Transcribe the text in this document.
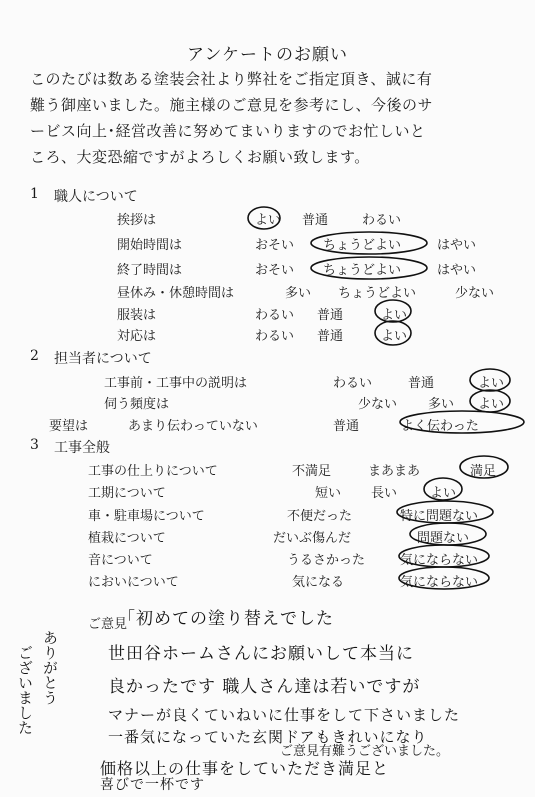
アンケートのお願い
このたびは数ある塗装会社より弊社をご指定頂き、誠に有
難う御座いました。施主様のご意見を参考にし、今後のサ
ービス向上･経営改善に努めてまいりますのでお忙しいと
ころ、大変恐縮ですがよろしくお願い致します。
1 職人について
挨拶は	よい 普通	わるい
開始時間は	おそい ちょうどよい	はやい
終了時間は	おそい ちょうどよい	はやい
昼休み・休憩時間は	多い ちょうどよい	少ない
服装は	わるい 普通	よい
対応は	わるい 普通	よい
2 担当者について
工事前・工事中の説明は	わるい	普通	よい
伺う頻度は	少ない 多い よい
要望は	あまり伝わっていない	普通	よく伝わった
3 工事全般
工事の仕上りについて	不満足	まあまあ	満足
工期について	短い 長い	よい
車・駐車場について	不便だった	特に問題ない
植栽について	だいぶ傷んだ	問題ない
音について	うるさかった	気にならない
においについて	気になる	気にならない
ご意見
「初めての塗り替えでした
世田谷ホームさんにお願いして本当に
良かったです 職人さん達は若いですが
マナーが良くていねいに仕事をして下さいました
一番気になっていた玄関ドアもきれいになり
ご意見有難うございました。
価格以上の仕事をしていただき満足と
喜びで一杯です
ありがとう
ございました
